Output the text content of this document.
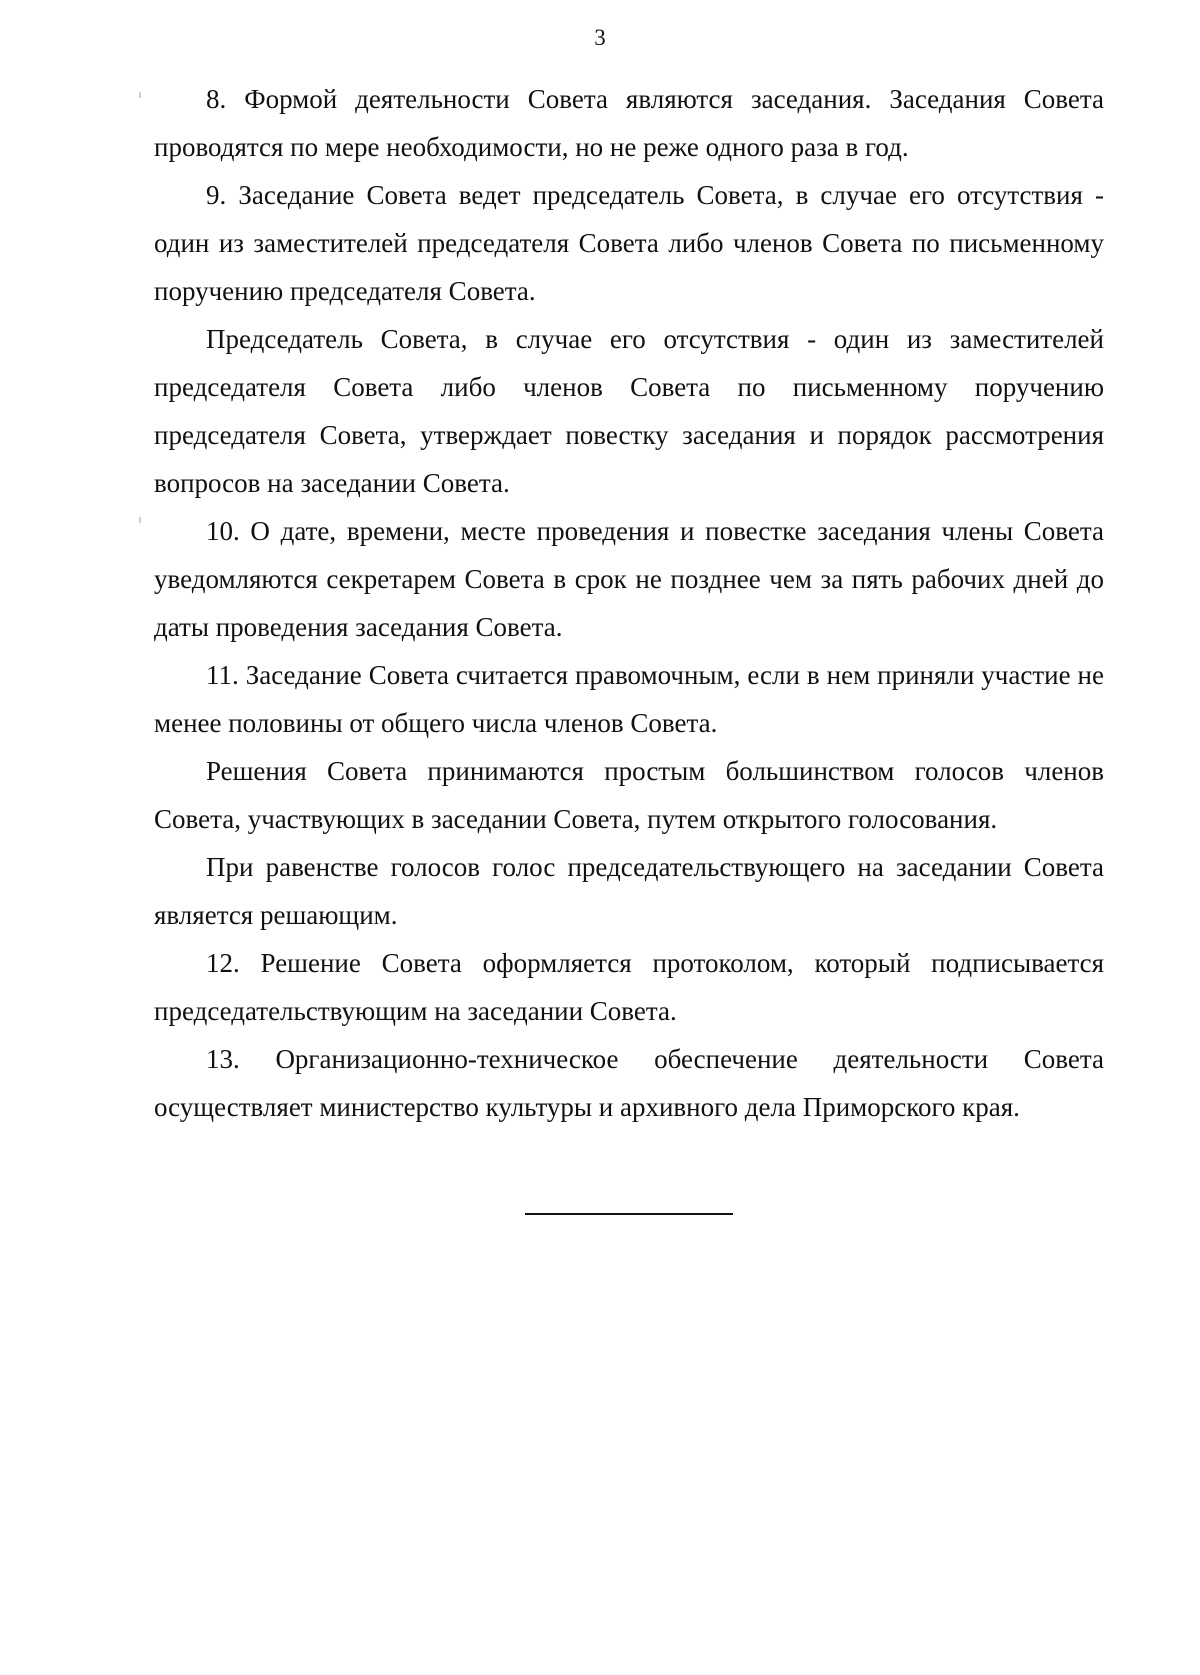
3

8. Формой деятельности Совета являются заседания. Заседания Совета проводятся по мере необходимости, но не реже одного раза в год.

9. Заседание Совета ведет председатель Совета, в случае его отсутствия - один из заместителей председателя Совета либо членов Совета по письменному поручению председателя Совета.

Председатель Совета, в случае его отсутствия - один из заместителей председателя Совета либо членов Совета по письменному поручению председателя Совета, утверждает повестку заседания и порядок рассмотрения вопросов на заседании Совета.

10. О дате, времени, месте проведения и повестке заседания члены Совета уведомляются секретарем Совета в срок не позднее чем за пять рабочих дней до даты проведения заседания Совета.

11. Заседание Совета считается правомочным, если в нем приняли участие не менее половины от общего числа членов Совета.

Решения Совета принимаются простым большинством голосов членов Совета, участвующих в заседании Совета, путем открытого голосования.

При равенстве голосов голос председательствующего на заседании Совета является решающим.

12. Решение Совета оформляется протоколом, который подписывается председательствующим на заседании Совета.

13. Организационно-техническое обеспечение деятельности Совета осуществляет министерство культуры и архивного дела Приморского края.
